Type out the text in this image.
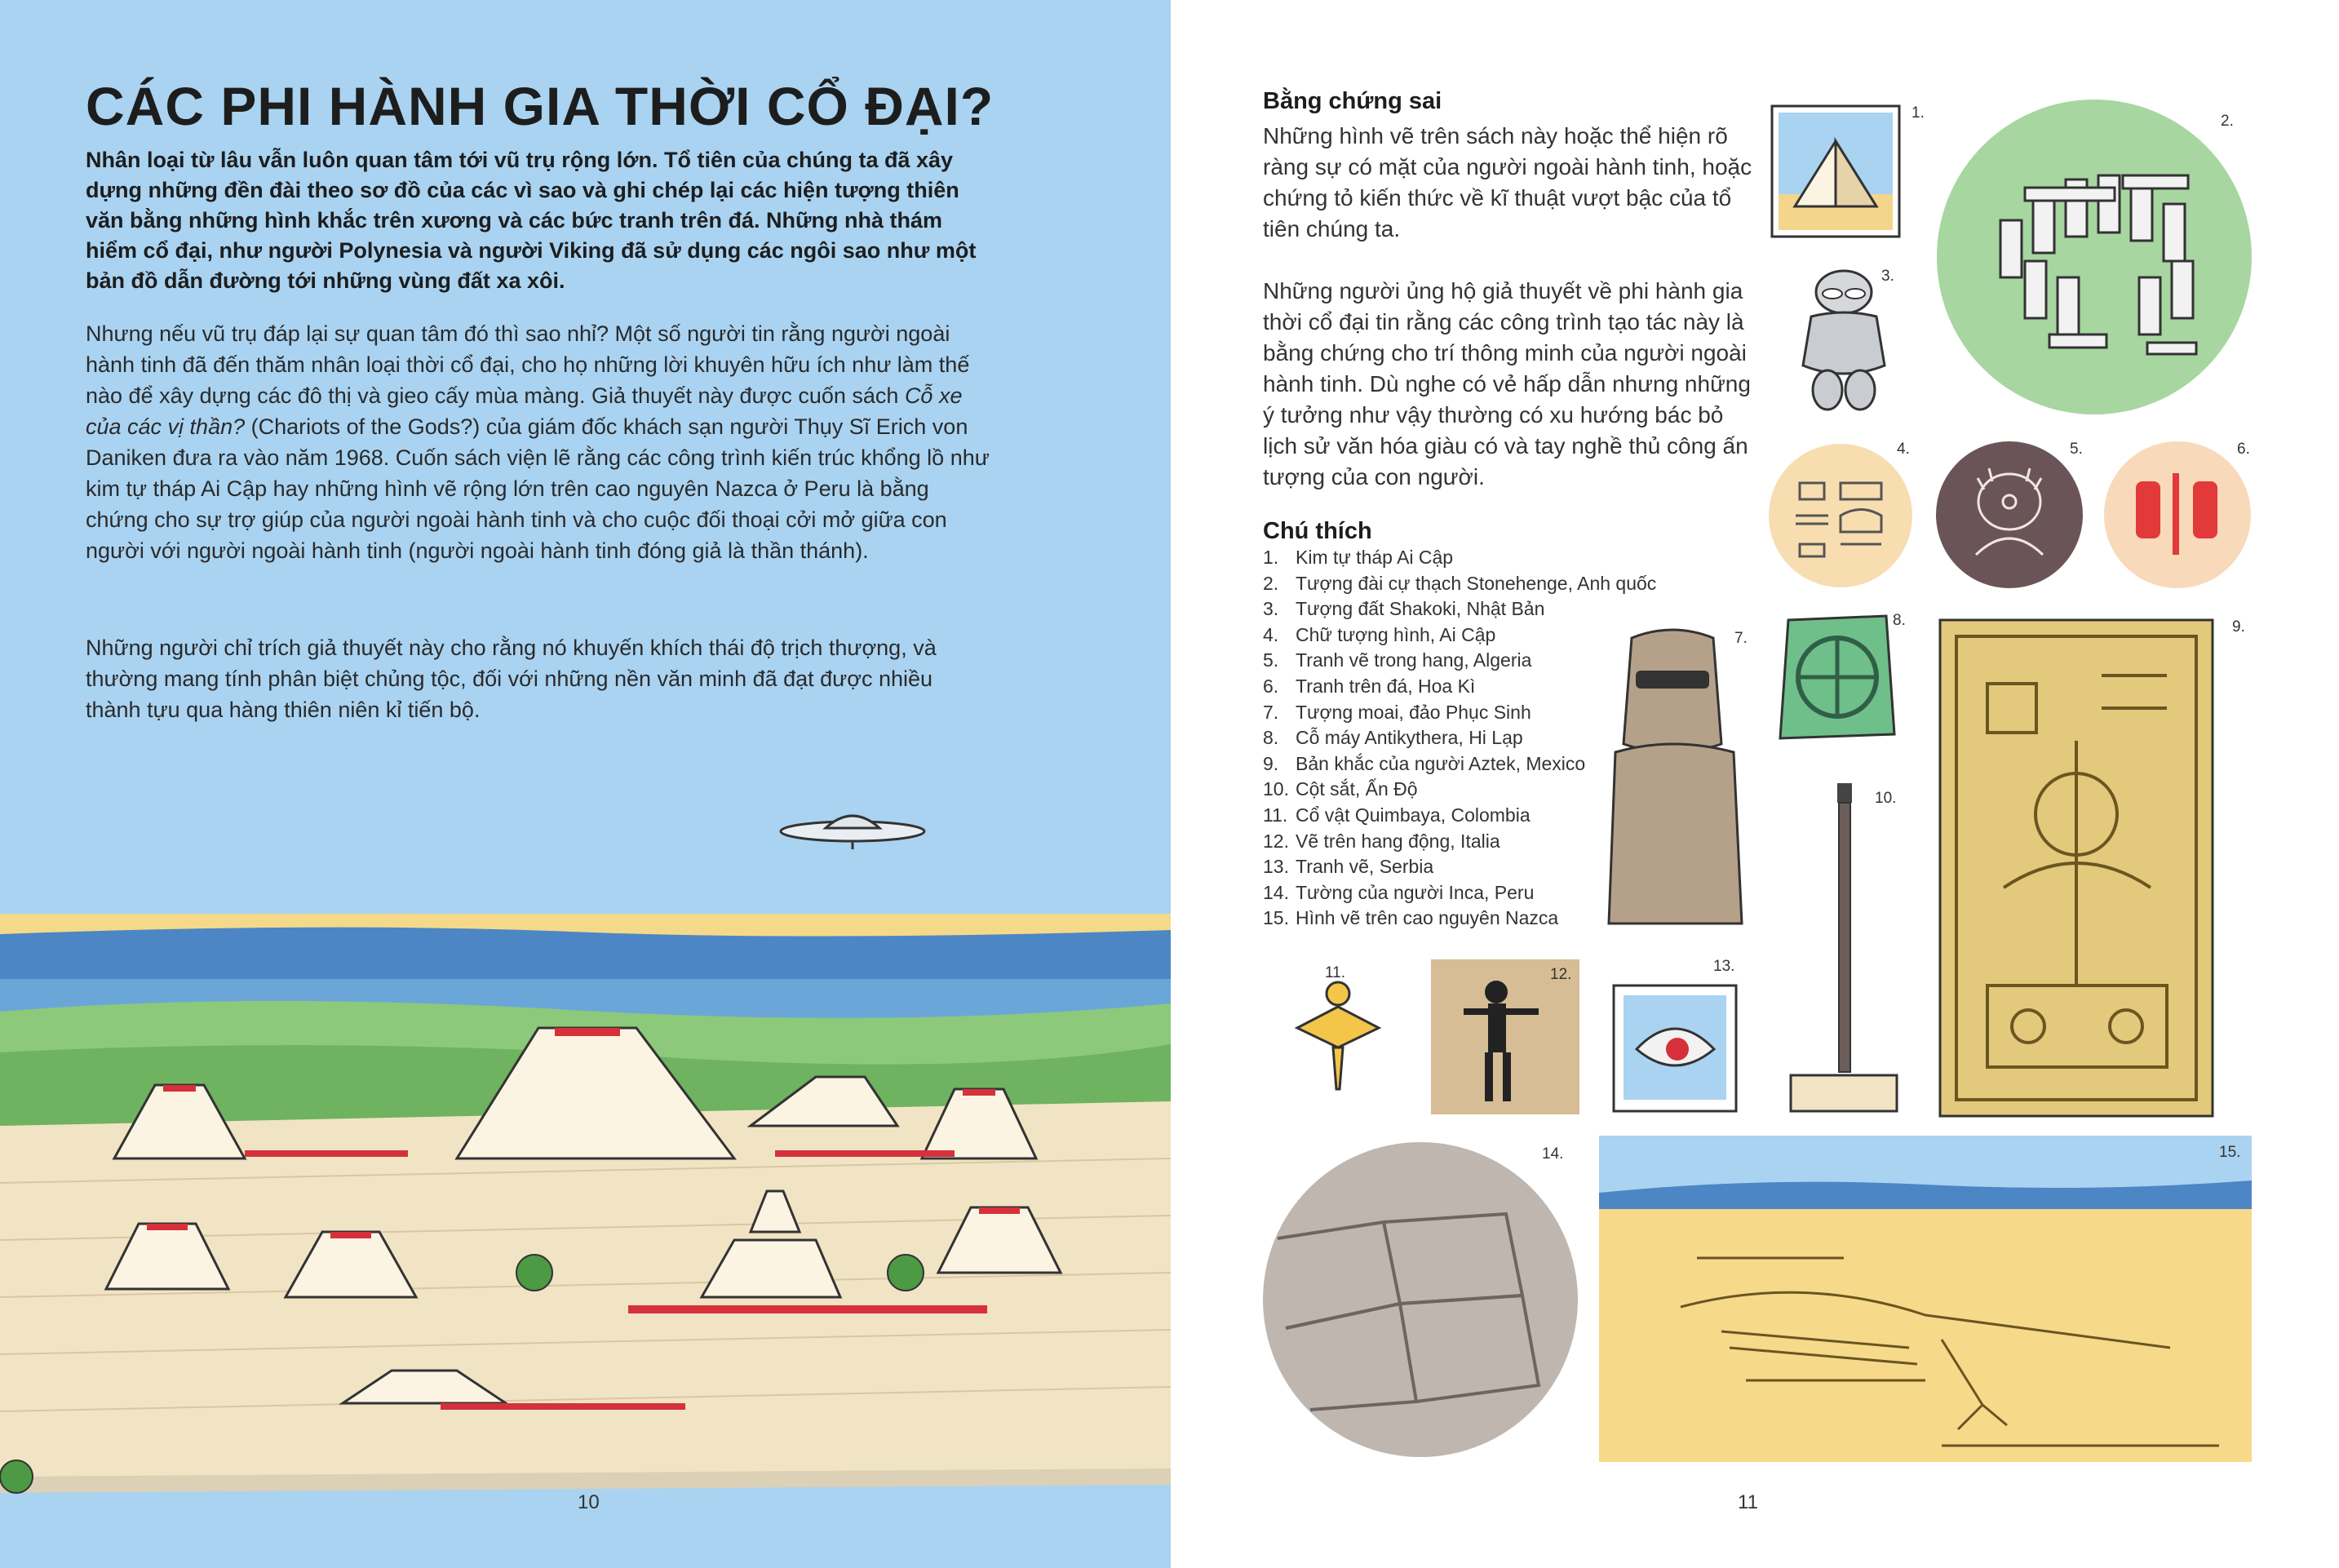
CÁC PHI HÀNH GIA THỜI CỔ ĐẠI?

Nhân loại từ lâu vẫn luôn quan tâm tới vũ trụ rộng lớn. Tổ tiên của chúng ta đã xây dựng những đền đài theo sơ đồ của các vì sao và ghi chép lại các hiện tượng thiên văn bằng những hình khắc trên xương và các bức tranh trên đá. Những nhà thám hiểm cổ đại, như người Polynesia và người Viking đã sử dụng các ngôi sao như một bản đồ dẫn đường tới những vùng đất xa xôi.

Nhưng nếu vũ trụ đáp lại sự quan tâm đó thì sao nhỉ? Một số người tin rằng người ngoài hành tinh đã đến thăm nhân loại thời cổ đại, cho họ những lời khuyên hữu ích như làm thế nào để xây dựng các đô thị và gieo cấy mùa màng. Giả thuyết này được cuốn sách Cỗ xe của các vị thần? (Chariots of the Gods?) của giám đốc khách sạn người Thụy Sĩ Erich von Daniken đưa ra vào năm 1968. Cuốn sách viện lẽ rằng các công trình kiến trúc khổng lồ như kim tự tháp Ai Cập hay những hình vẽ rộng lớn trên cao nguyên Nazca ở Peru là bằng chứng cho sự trợ giúp của người ngoài hành tinh và cho cuộc đối thoại cởi mở giữa con người với người ngoài hành tinh (người ngoài hành tinh đóng giả là thần thánh).

Những người chỉ trích giả thuyết này cho rằng nó khuyến khích thái độ trịch thượng, và thường mang tính phân biệt chủng tộc, đối với những nền văn minh đã đạt được nhiều thành tựu qua hàng thiên niên kỉ tiến bộ.

10
Bằng chứng sai

Những hình vẽ trên sách này hoặc thể hiện rõ ràng sự có mặt của người ngoài hành tinh, hoặc chứng tỏ kiến thức về kĩ thuật vượt bậc của tổ tiên chúng ta.

Những người ủng hộ giả thuyết về phi hành gia thời cổ đại tin rằng các công trình tạo tác này là bằng chứng cho trí thông minh của người ngoài hành tinh. Dù nghe có vẻ hấp dẫn nhưng những ý tưởng như vậy thường có xu hướng bác bỏ lịch sử văn hóa giàu có và tay nghề thủ công ấn tượng của con người.

Chú thích
1. Kim tự tháp Ai Cập
2. Tượng đài cự thạch Stonehenge, Anh quốc
3. Tượng đất Shakoki, Nhật Bản
4. Chữ tượng hình, Ai Cập
5. Tranh vẽ trong hang, Algeria
6. Tranh trên đá, Hoa Kì
7. Tượng moai, đảo Phục Sinh
8. Cỗ máy Antikythera, Hi Lạp
9. Bản khắc của người Aztek, Mexico
10. Cột sắt, Ấn Độ
11. Cổ vật Quimbaya, Colombia
12. Vẽ trên hang động, Italia
13. Tranh vẽ, Serbia
14. Tường của người Inca, Peru
15. Hình vẽ trên cao nguyên Nazca
1.	2.
3.
4.	5.	6.
7.
8.	9.
10.
11.	12.	13.
14.	15.
11
